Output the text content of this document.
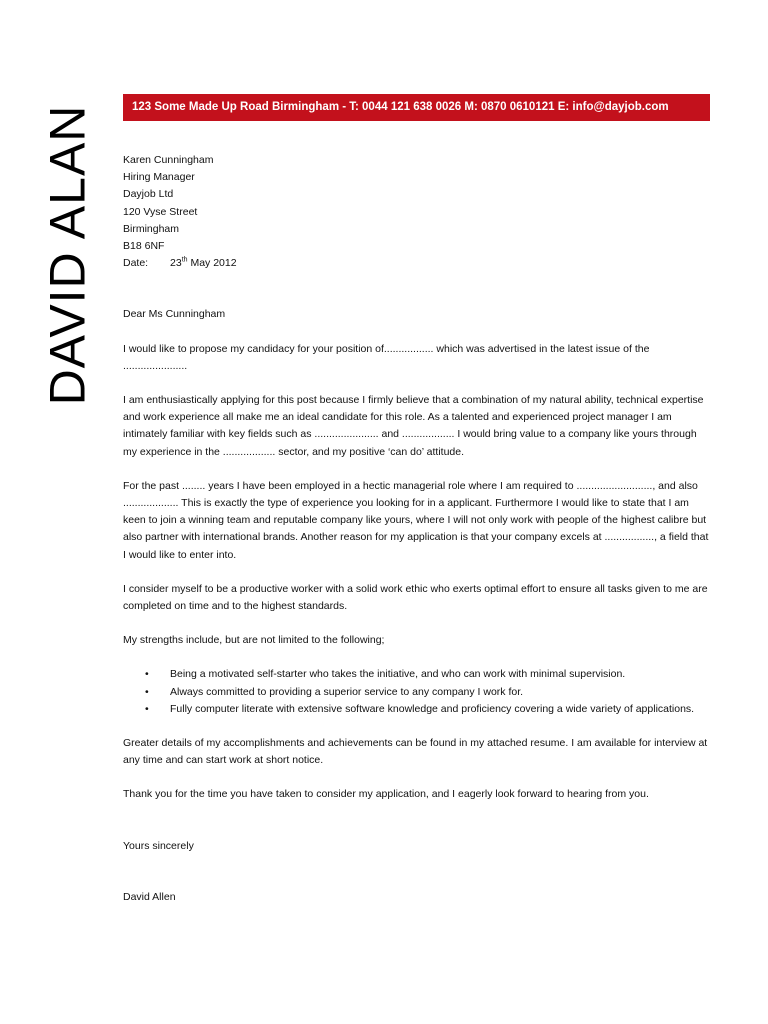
DAVID ALAN	123 Some Made Up Road Birmingham - T: 0044 121 638 0026 M: 0870 0610121 E: info@dayjob.com

Karen Cunningham

Hiring Manager

Dayjob Ltd

120 Vyse Street

Birmingham

B18 6NF

Date: 23th May 2012

Dear Ms Cunningham

I would like to propose my candidacy for your position of................. which was advertised in the latest issue of the ......................

I am enthusiastically applying for this post because I firmly believe that a combination of my natural ability, technical expertise and work experience all make me an ideal candidate for this role. As a talented and experienced project manager I am intimately familiar with key fields such as ...................... and .................. I would bring value to a company like yours through my experience in the .................. sector, and my positive ‘can do’ attitude.

For the past ........ years I have been employed in a hectic managerial role where I am required to .........................., and also ................... This is exactly the type of experience you looking for in a applicant. Furthermore I would like to state that I am keen to join a winning team and reputable company like yours, where I will not only work with people of the highest calibre but also partner with international brands. Another reason for my application is that your company excels at ................., a field that I would like to enter into.

I consider myself to be a productive worker with a solid work ethic who exerts optimal effort to ensure all tasks given to me are completed on time and to the highest standards.

My strengths include, but are not limited to the following;

• Being a motivated self-starter who takes the initiative, and who can work with minimal supervision.
• Always committed to providing a superior service to any company I work for.
• Fully computer literate with extensive software knowledge and proficiency covering a wide variety of applications.

Greater details of my accomplishments and achievements can be found in my attached resume. I am available for interview at any time and can start work at short notice.

Thank you for the time you have taken to consider my application, and I eagerly look forward to hearing from you.

Yours sincerely

David Allen
